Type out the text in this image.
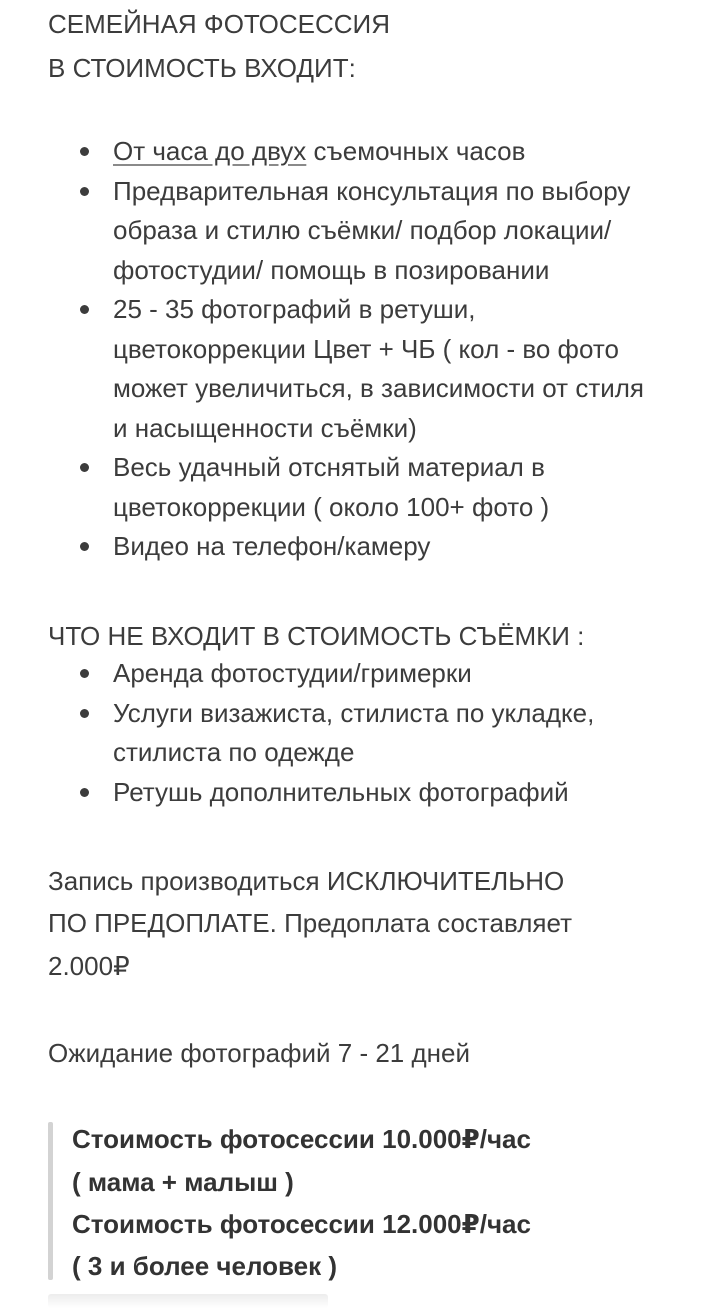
СЕМЕЙНАЯ ФОТОСЕССИЯ
В СТОИМОСТЬ ВХОДИТ:
От часа до двух съемочных часов
Предварительная консультация по выбору
образа и стилю съёмки/ подбор локации/
фотостудии/ помощь в позировании
25 - 35 фотографий в ретуши,
цветокоррекции Цвет + ЧБ ( кол - во фото
может увеличиться, в зависимости от стиля
и насыщенности съёмки)
Весь удачный отснятый материал в
цветокоррекции ( около 100+ фото )
Видео на телефон/камеру
ЧТО НЕ ВХОДИТ В СТОИМОСТЬ СЪЁМКИ :
Аренда фотостудии/гримерки
Услуги визажиста, стилиста по укладке,
стилиста по одежде
Ретушь дополнительных фотографий
Запись производиться ИСКЛЮЧИТЕЛЬНО
ПО ПРЕДОПЛАТЕ. Предоплата составляет
2.000₽
Ожидание фотографий 7 - 21 дней
Стоимость фотосессии 10.000₽/час
( мама + малыш )
Стоимость фотосессии 12.000₽/час
( 3 и более человек )
